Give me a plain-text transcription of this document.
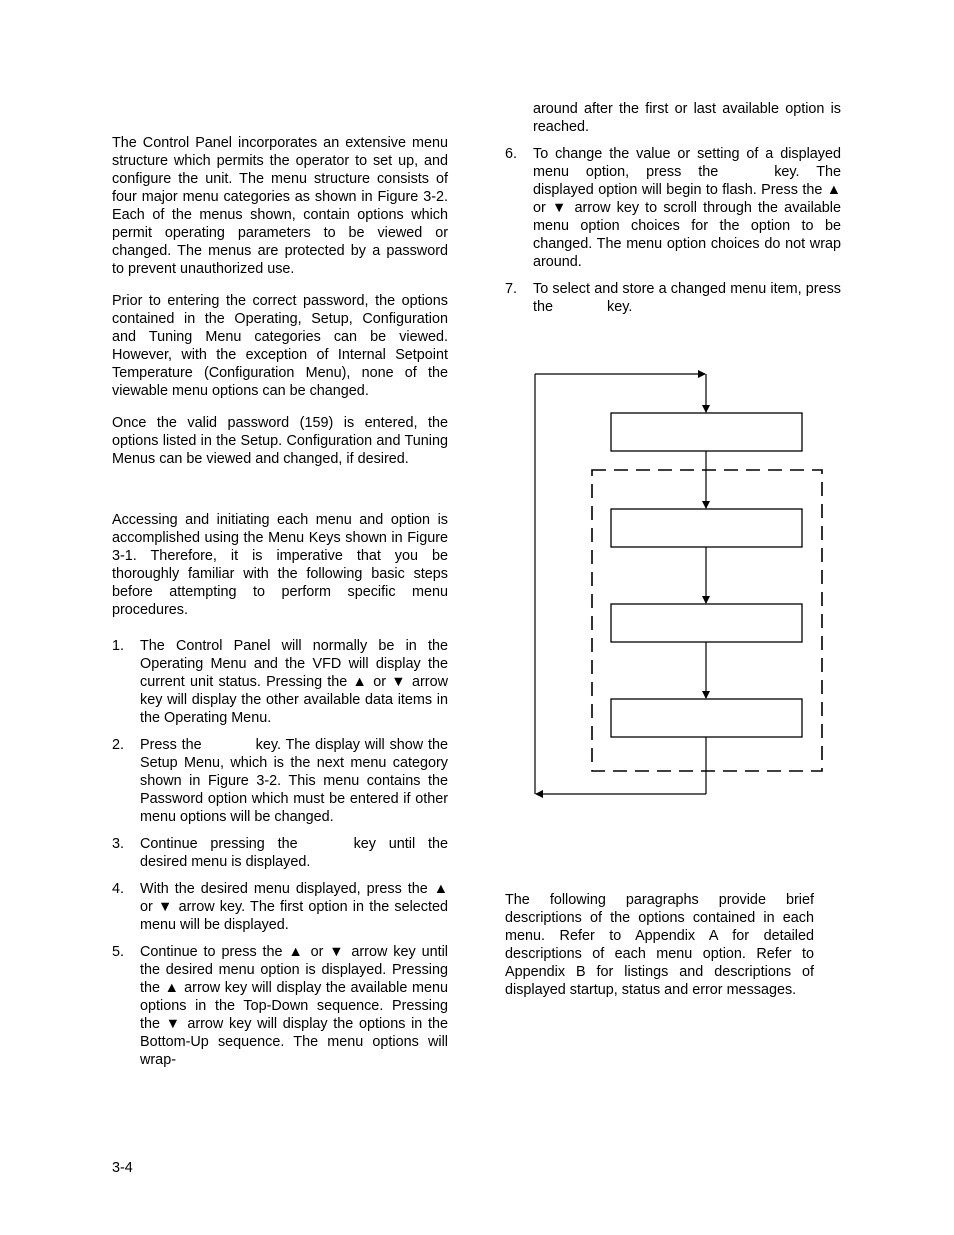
The Control Panel incorporates an extensive menu structure which permits the operator to set up, and configure the unit. The menu structure consists of four major menu categories as shown in Figure 3-2. Each of the menus shown, contain options which permit operating parameters to be viewed or changed. The menus are protected by a password to prevent unauthorized use.

Prior to entering the correct password, the options contained in the Operating, Setup, Configuration and Tuning Menu categories can be viewed. However, with the exception of Internal Setpoint Temperature (Configuration Menu), none of the viewable menu options can be changed.

Once the valid password (159) is entered, the options listed in the Setup. Configuration and Tuning Menus can be viewed and changed, if desired.

Accessing and initiating each menu and option is accomplished using the Menu Keys shown in Figure 3-1. Therefore, it is imperative that you be thoroughly familiar with the following basic steps before attempting to perform specific menu procedures.

1. The Control Panel will normally be in the Operating Menu and the VFD will display the current unit status. Pressing the ▲ or ▼ arrow key will display the other available data items in the Operating Menu.
2. Press the	key. The display will show the Setup Menu, which is the next menu category shown in Figure 3-2. This menu contains the Password option which must be entered if other menu options will be changed.
3. Continue pressing the	key until the desired menu is displayed.
4. With the desired menu displayed, press the ▲ or ▼ arrow key. The first option in the selected menu will be displayed.
5. Continue to press the ▲ or ▼ arrow key until the desired menu option is displayed. Pressing the ▲ arrow key will display the available menu options in the Top-Down sequence. Pressing the ▼ arrow key will display the options in the Bottom-Up sequence. The menu options will wrap-
around after the first or last available option is reached.
6. To change the value or setting of a displayed menu option, press the	key. The displayed option will begin to flash. Press the ▲ or ▼ arrow key to scroll through the available menu option choices for the option to be changed. The menu option choices do not wrap around.
7. To select and store a changed menu item, press the	key.

The following paragraphs provide brief descriptions of the options contained in each menu. Refer to Appendix A for detailed descriptions of each menu option. Refer to Appendix B for listings and descriptions of displayed startup, status and error messages.

3-4
